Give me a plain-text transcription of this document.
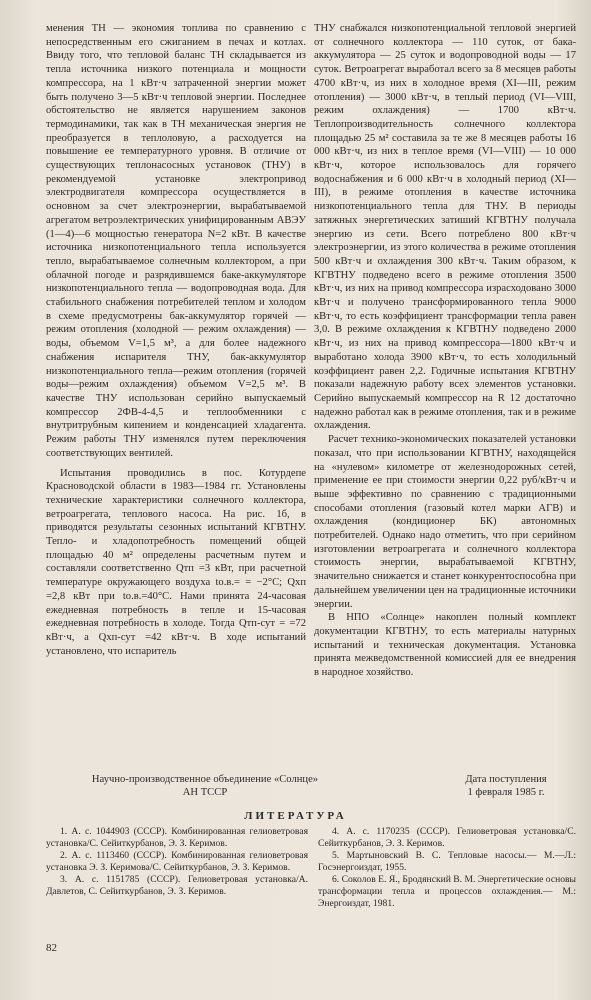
менения ТН — экономия топлива по сравнению с непосредственным его сжиганием в печах и котлах. Ввиду того, что тепловой баланс ТН складывается из тепла источника низкого потенциала и мощности компрессора, на 1 кВт·ч затраченной энергии может быть получено 3—5 кВт·ч тепловой энергии. Последнее обстоятельство не является нарушением законов термодинамики, так как в ТН механическая энергия не преобразуется в теплоловую, а расходуется на повышение ее температурного уровня. В отличие от существующих теплонасосных установок (ТНУ) в рекомендуемой установке электропривод электродвигателя компрессора осуществляется в основном за счет электроэнергии, вырабатываемой агрегатом ветроэлектрических унифицированным АВЭУ (1—4)—6 мощностью генератора N=2 кВт. В качестве источника низкопотенциального тепла используется тепло, вырабатываемое солнечным коллектором, а при облачной погоде и разрядившемся баке-аккумуляторе низкопотенциального тепла — водопроводная вода. Для стабильного снабжения потребителей теплом и холодом в схеме предусмотрены бак-аккумулятор горячей — режим отопления (холодной — режим охлаждения) — воды, объемом V=1,5 м³, а для более надежного снабжения испарителя ТНУ, бак-аккумулятор низкопотенциального тепла—режим отопления (горячей воды—режим охлаждения) объемом V=2,5 м³. В качестве ТНУ использован серийно выпускаемый компрессор 2ФВ-4-4,5 и теплообменники с внутритрубным кипением и конденсацией хладагента. Режим работы ТНУ изменялся путем переключения соответствующих вентилей.

Испытания проводились в пос. Котурдепе Красноводской области в 1983—1984 гг. Установлены технические характеристики солнечного коллектора, ветроагрегата, теплового насоса. На рис. 1б, в приводятся результаты сезонных испытаний КГВТНУ. Тепло- и хладопотребность помещений общей площадью 40 м² определены расчетным путем и составляли соответственно Qтп =3 кВт, при расчетной температуре окружающего воздуха tо.в.= = −2°С; Qхп =2,8 кВт при tо.в.=40°С. Нами принята 24-часовая ежедневная потребность в тепле и 15-часовая ежедневная потребность в холоде. Тогда Qтп-сут = =72 кВт·ч, а Qхп-сут =42 кВт·ч. В ходе испытаний установлено, что испаритель

ТНУ снабжался низкопотенциальной тепловой энергией от солнечного коллектора — 110 суток, от бака-аккумулятора — 25 суток и водопроводной воды — 17 суток. Ветроагрегат выработал всего за 8 месяцев работы 4700 кВт·ч, из них в холодное время (XI—III, режим отопления) — 3000 кВт·ч, в теплый период (VI—VIII, режим охлаждения) — 1700 кВт·ч. Теплопроизводительность солнечного коллектора площадью 25 м² составила за те же 8 месяцев работы 16 000 кВт·ч, из них в теплое время (VI—VIII) — 10 000 кВт·ч, которое использовалось для горячего водоснабжения и 6 000 кВт·ч в холодный период (XI—III), в режиме отопления в качестве источника низкопотенциального тепла для ТНУ. В периоды затяжных энергетических затиший КГВТНУ получала энергию из сети. Всего потреблено 800 кВт·ч электроэнергии, из этого количества в режиме отопления 500 кВт·ч и охлаждения 300 кВт·ч. Таким образом, к КГВТНУ подведено всего в режиме отопления 3500 кВт·ч, из них на привод компрессора израсходовано 3000 кВт·ч и получено трансформированного тепла 9000 кВт·ч, то есть коэффициент трансформации тепла равен 3,0. В режиме охлаждения к КГВТНУ подведено 2000 кВт·ч, из них на привод компрессора—1800 кВт·ч и выработано холода 3900 кВт·ч, то есть холодильный коэффициент равен 2,2. Годичные испытания КГВТНУ показали надежную работу всех элементов установки. Серийно выпускаемый компрессор на R 12 достаточно надежно работал как в режиме отопления, так и в режиме охлаждения.

Расчет технико-экономических показателей установки показал, что при использовании КГВТНУ, находящейся на «нулевом» километре от железнодорожных сетей, применение ее при стоимости энергии 0,22 руб/кВт·ч и выше эффективно по сравнению с традиционными способами отопления (газовый котел марки АГВ) и охлаждения (кондиционер БК) автономных потребителей. Однако надо отметить, что при серийном изготовлении ветроагрегата и солнечного коллектора стоимость энергии, вырабатываемой КГВТНУ, значительно снижается и станет конкурентоспособна при дальнейшем увеличении цен на традиционные источники энергии.

В НПО «Солнце» накоплен полный комплект документации КГВТНУ, то есть материалы натурных испытаний и техническая документация. Установка принята межведомственной комиссией для ее внедрения в народное хозяйство.

Научно-производственное объединение «Солнце»
АН ТССР
Дата поступления
1 февраля 1985 г.
ЛИТЕРАТУРА

1. А. с. 1044903 (СССР). Комбинированная гелиоветровая установка/С. Сейиткурбанов, Э. З. Керимов.

2. А. с. 1113460 (СССР). Комбинированная гелиоветровая установка Э. З. Керимова/С. Сейиткурбанов, Э. З. Керимов.

3. А. с. 1151785 (СССР). Гелиоветровая установка/А. Давлетов, С. Сейиткурбанов, Э. З. Керимов.

4. А. с. 1170235 (СССР). Гелиоветровая установка/С. Сейиткурбанов, Э. З. Керимов.

5. Мартыновский В. С. Тепловые насосы.— М.—Л.: Госэнергоиздат, 1955.

6. Соколов Е. Я., Бродянский В. М. Энергетические основы трансформации тепла и процессов охлаждения.— М.: Энергоиздат, 1981.

82
